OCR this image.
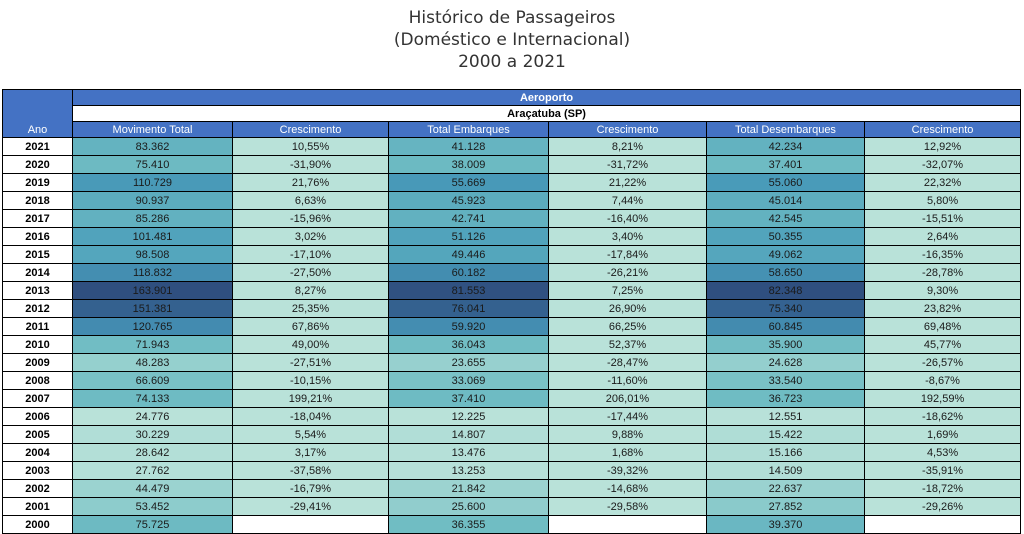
Histórico de Passageiros
(Doméstico e Internacional)
2000 a 2021
Ano	Aeroporto					
	Araçatuba (SP)					
	Movimento Total	Crescimento	Total Embarques	Crescimento	Total Desembarques	Crescimento
2021	83.362	10,55%	41.128	8,21%	42.234	12,92%
2020	75.410	-31,90%	38.009	-31,72%	37.401	-32,07%
2019	110.729	21,76%	55.669	21,22%	55.060	22,32%
2018	90.937	6,63%	45.923	7,44%	45.014	5,80%
2017	85.286	-15,96%	42.741	-16,40%	42.545	-15,51%
2016	101.481	3,02%	51.126	3,40%	50.355	2,64%
2015	98.508	-17,10%	49.446	-17,84%	49.062	-16,35%
2014	118.832	-27,50%	60.182	-26,21%	58.650	-28,78%
2013	163.901	8,27%	81.553	7,25%	82.348	9,30%
2012	151.381	25,35%	76.041	26,90%	75.340	23,82%
2011	120.765	67,86%	59.920	66,25%	60.845	69,48%
2010	71.943	49,00%	36.043	52,37%	35.900	45,77%
2009	48.283	-27,51%	23.655	-28,47%	24.628	-26,57%
2008	66.609	-10,15%	33.069	-11,60%	33.540	-8,67%
2007	74.133	199,21%	37.410	206,01%	36.723	192,59%
2006	24.776	-18,04%	12.225	-17,44%	12.551	-18,62%
2005	30.229	5,54%	14.807	9,88%	15.422	1,69%
2004	28.642	3,17%	13.476	1,68%	15.166	4,53%
2003	27.762	-37,58%	13.253	-39,32%	14.509	-35,91%
2002	44.479	-16,79%	21.842	-14,68%	22.637	-18,72%
2001	53.452	-29,41%	25.600	-29,58%	27.852	-29,26%
2000	75.725		36.355		39.370	
